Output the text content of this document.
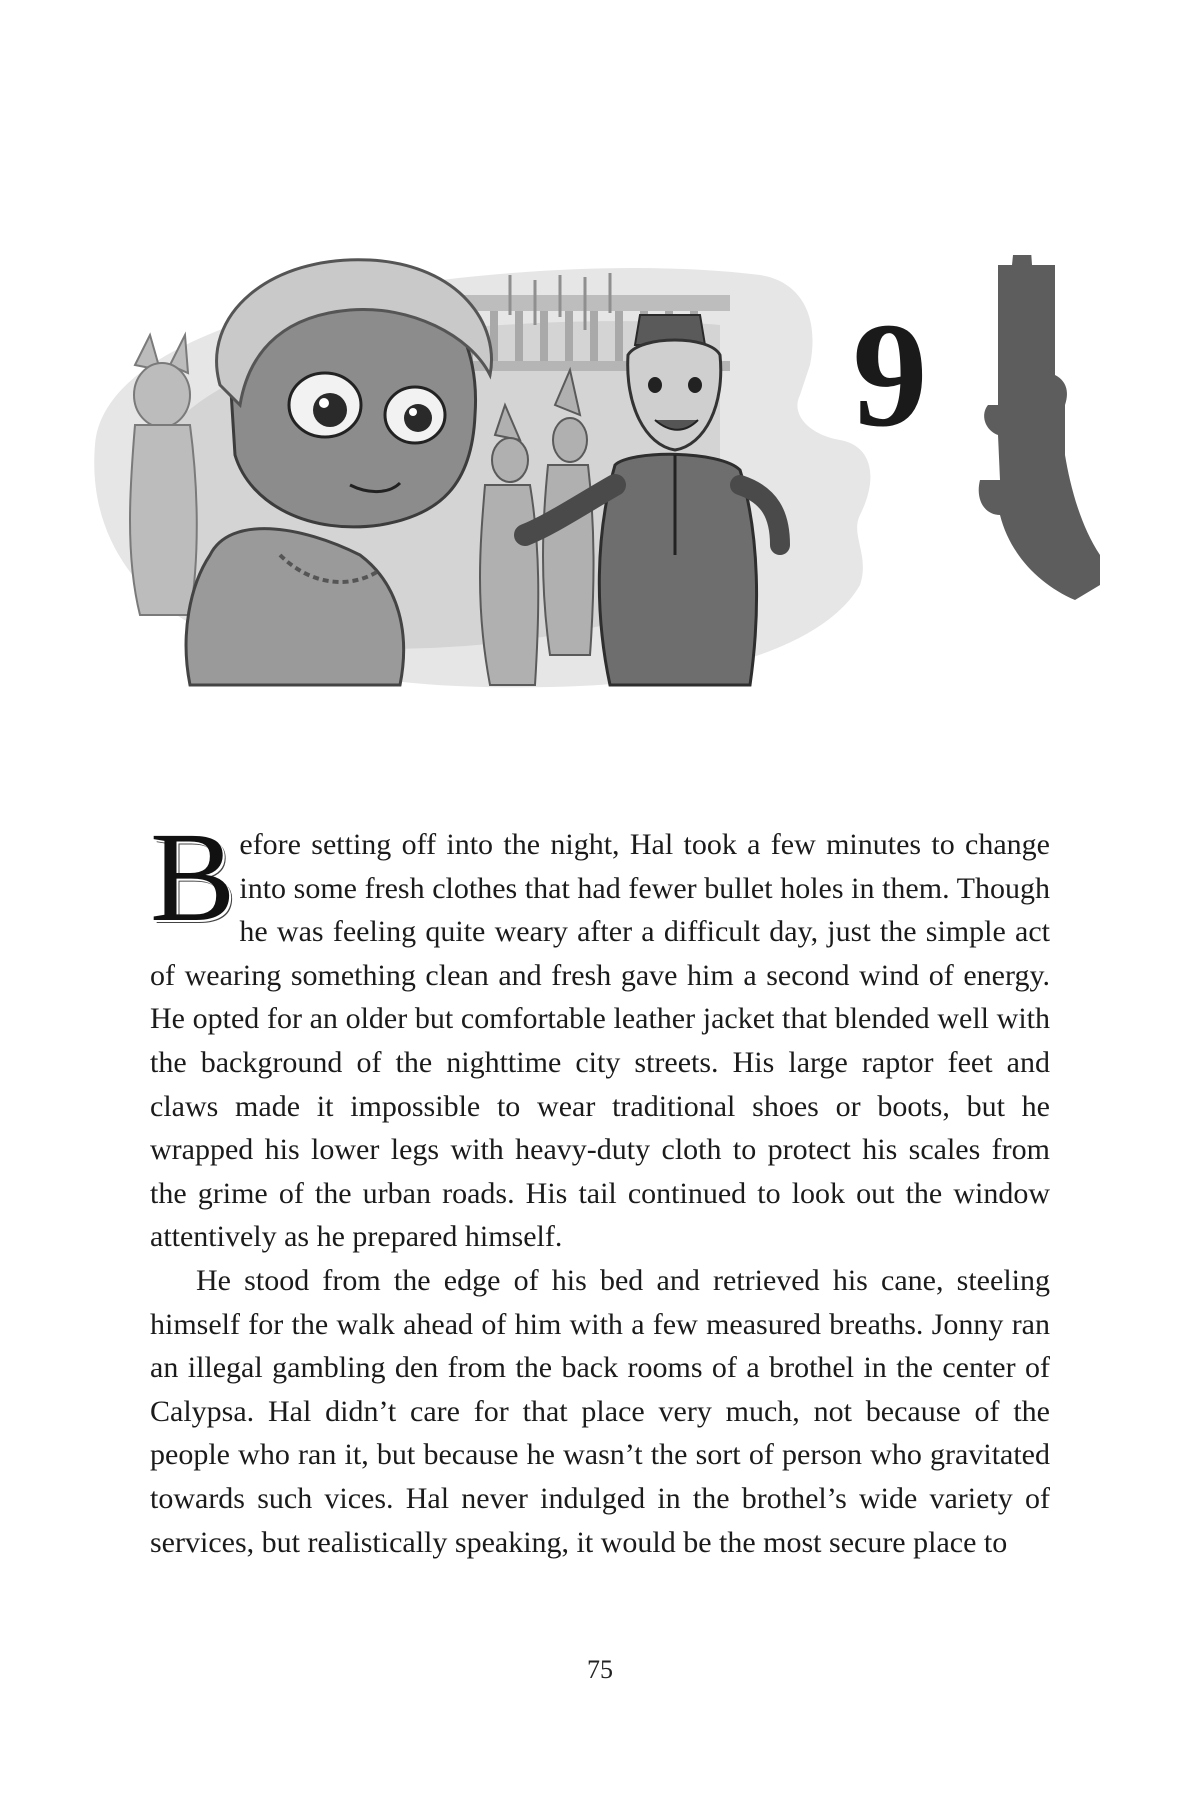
9

Before setting off into the night, Hal took a few minutes to change into some fresh clothes that had fewer bullet holes in them. Though he was feeling quite weary after a difficult day, just the simple act of wearing something clean and fresh gave him a second wind of energy. He opted for an older but comfortable leather jacket that blended well with the background of the nighttime city streets. His large raptor feet and claws made it impossible to wear traditional shoes or boots, but he wrapped his lower legs with heavy-duty cloth to protect his scales from the grime of the urban roads. His tail continued to look out the window attentively as he prepared himself.

He stood from the edge of his bed and retrieved his cane, steeling himself for the walk ahead of him with a few measured breaths. Jonny ran an illegal gambling den from the back rooms of a brothel in the center of Calypsa. Hal didn’t care for that place very much, not because of the people who ran it, but because he wasn’t the sort of person who gravitated towards such vices. Hal never indulged in the brothel’s wide variety of services, but realistically speaking, it would be the most secure place to

75
